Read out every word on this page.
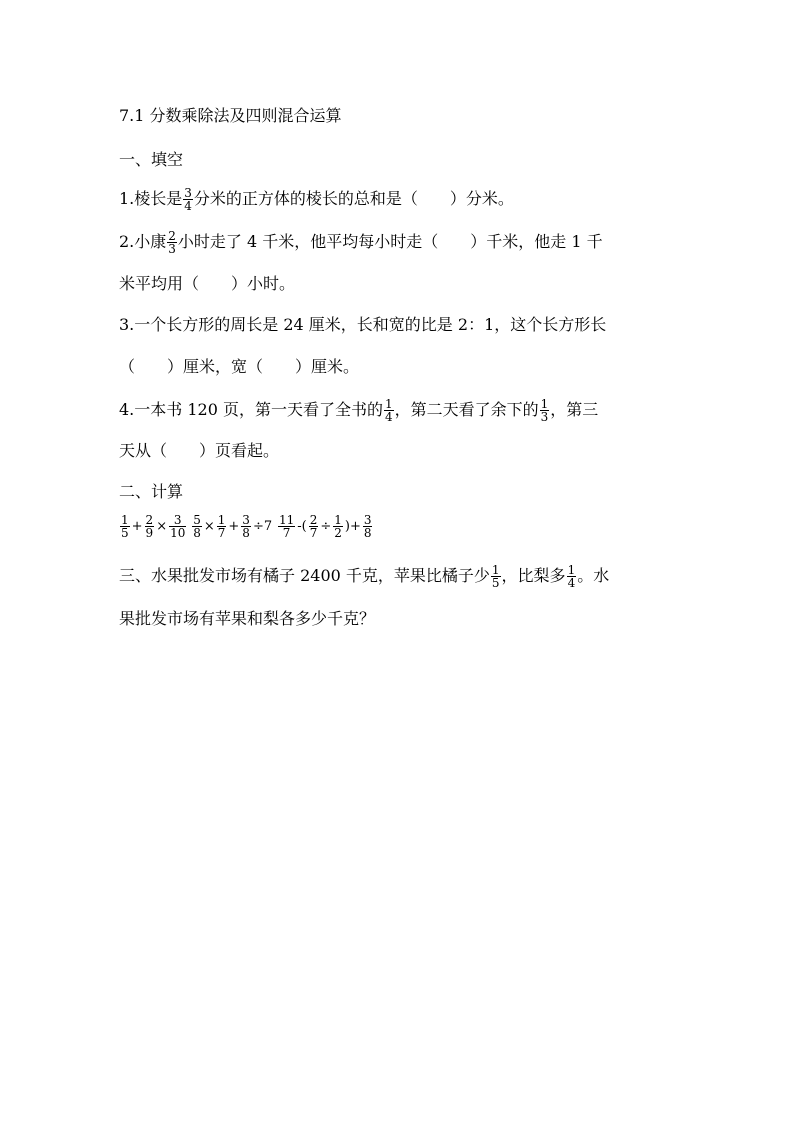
7.1 分数乘除法及四则混合运算
一、填空
1.棱长是 $\frac{3}{4}$ 分米的正方体的棱长的总和是（　　）分米。
2.小康 $\frac{2}{3}$ 小时走了 4 千米，他平均每小时走（　　）千米，他走 1 千
米平均用（　　）小时。
3.一个长方形的周长是 24 厘米，长和宽的比是 2：1，这个长方形长
（　　）厘米，宽（　　）厘米。
4.一本书 120 页，第一天看了全书的 $\frac{1}{4}$ ，第二天看了余下的 $\frac{1}{3}$ ，第三
天从（　　）页看起。
二、计算
$\frac{1}{5} + \frac{2}{9} \times \frac{3}{10}$
$\frac{5}{8} \times \frac{1}{7} + \frac{3}{8} \div 7 \frac{11}{7}$ -( $\frac{2}{7} \div \frac{1}{2}$ )+ $\frac{3}{8}$
三、水果批发市场有橘子 2400 千克，苹果比橘子少 $\frac{1}{5}$ ，比梨多 $\frac{1}{4}$ 。水
果批发市场有苹果和梨各多少千克？
